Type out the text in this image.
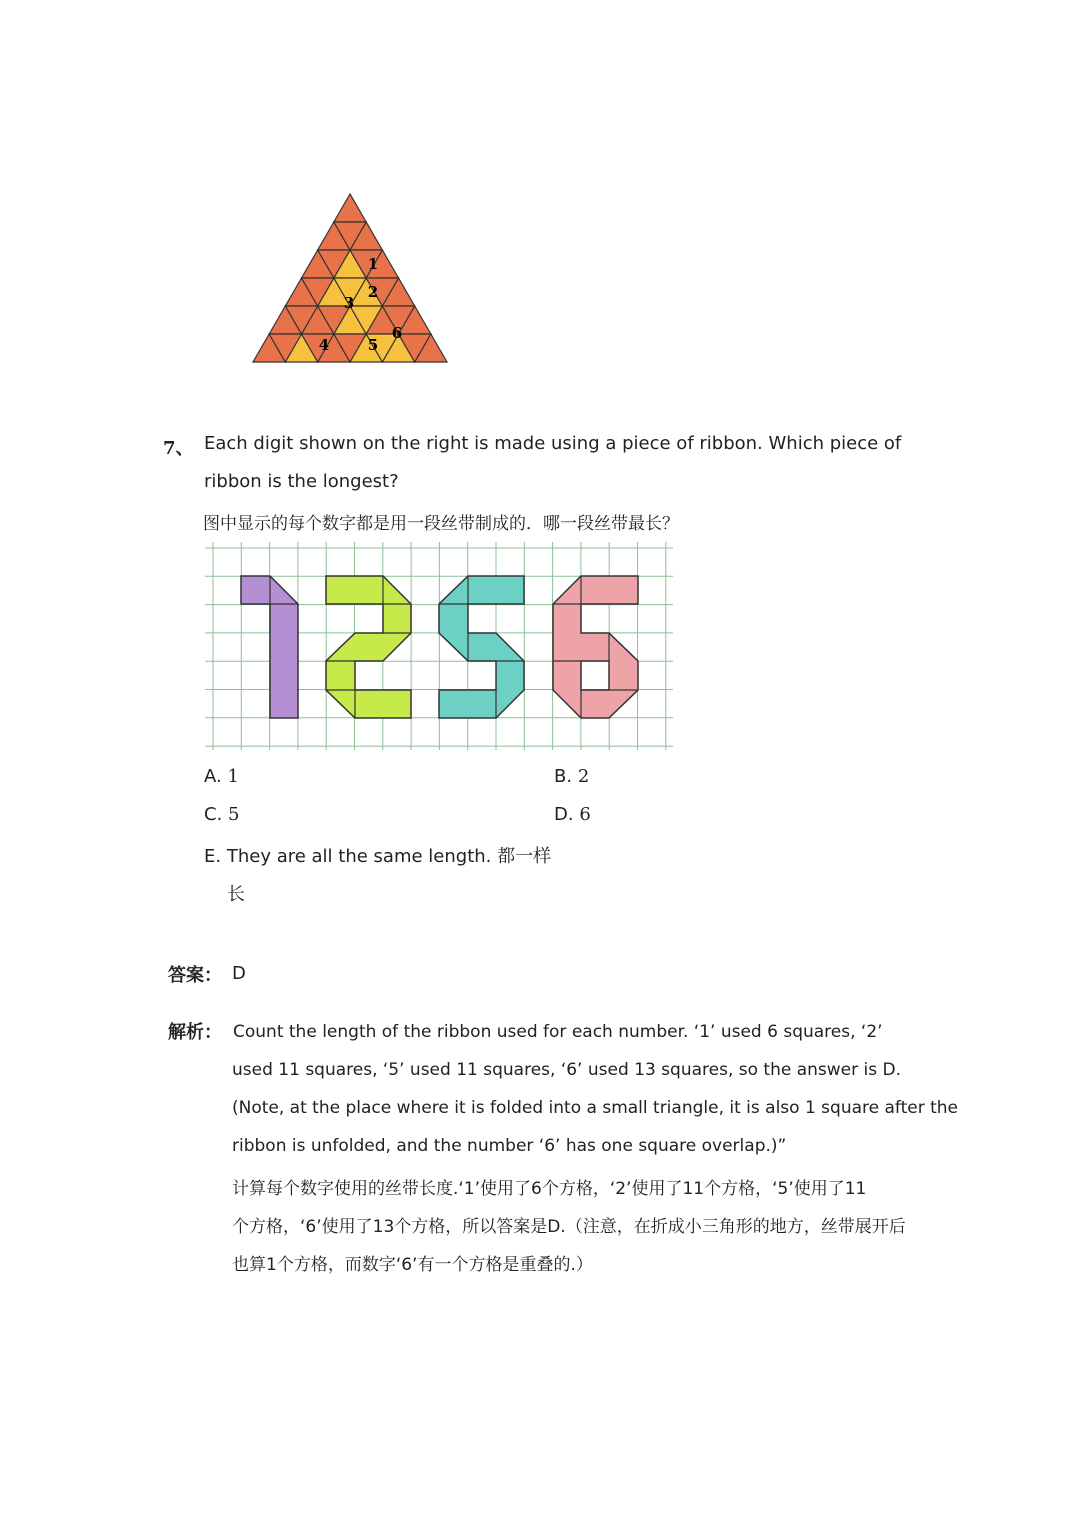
1
2
3
4	5
6
7、 Each digit shown on the right is made using a piece of ribbon. Which piece of
ribbon is the longest?
图中显示的每个数字都是用一段丝带制成的．哪一段丝带最长？
A. 1	B. 2
C. 5	D. 6
E. They are all the same length. 都一样
长
答案： D
解析： Count the length of the ribbon used for each number. ‘1’ used 6 squares, ‘2’
used 11 squares, ‘5’ used 11 squares, ‘6’ used 13 squares, so the answer is D.
(Note, at the place where it is folded into a small triangle, it is also 1 square after the
ribbon is unfolded, and the number ‘6’ has one square overlap.)”
计算每个数字使用的丝带长度.‘1’使用了6个方格，‘2’使用了11个方格，‘5’使用了11
个方格，‘6’使用了13个方格，所以答案是D.（注意，在折成小三角形的地方，丝带展开后
也算1个方格，而数字‘6’有一个方格是重叠的.）
